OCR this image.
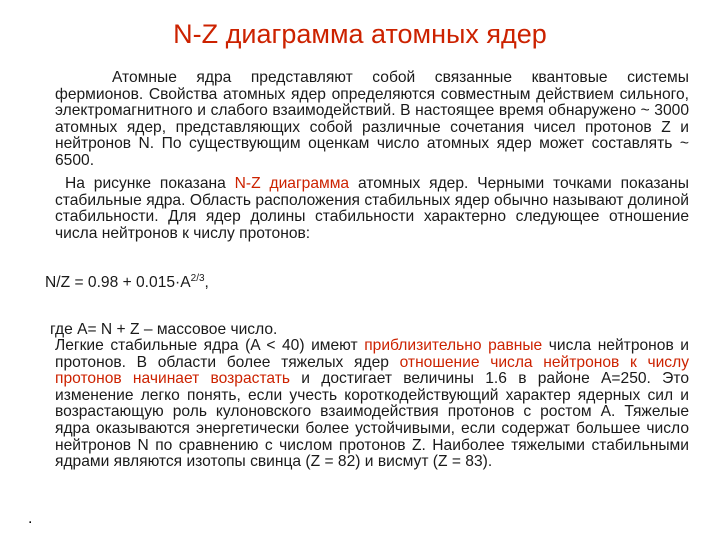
N-Z диаграмма атомных ядер
Атомные ядра представляют собой связанные квантовые системы фермионов. Свойства атомных ядер определяются совместным действием сильного, электромагнитного и слабого взаимодействий. В настоящее время обнаружено ~ 3000 атомных ядер, представляющих собой различные сочетания чисел протонов Z и нейтронов N. По существующим оценкам число атомных ядер может составлять ~ 6500.
На рисунке показана N-Z диаграмма атомных ядер. Черными точками показаны стабильные ядра. Область расположения стабильных ядер обычно называют долиной стабильности. Для ядер долины стабильности характерно следующее отношение числа нейтронов к числу протонов:
$N/Z = 0.98 + 0.015\cdot A^{2/3}$,
где A= N + Z – массовое число.
Легкие стабильные ядра (A < 40) имеют приблизительно равные числа нейтронов и протонов. В области более тяжелых ядер отношение числа нейтронов к числу протонов начинает возрастать и достигает величины 1.6 в районе A=250. Это изменение легко понять, если учесть короткодействующий характер ядерных сил и возрастающую роль кулоновского взаимодействия протонов с ростом A. Тяжелые ядра оказываются энергетически более устойчивыми, если содержат большее число нейтронов N по сравнению с числом протонов Z. Наиболее тяжелыми стабильными ядрами являются изотопы свинца (Z = 82) и висмут (Z = 83).
.
